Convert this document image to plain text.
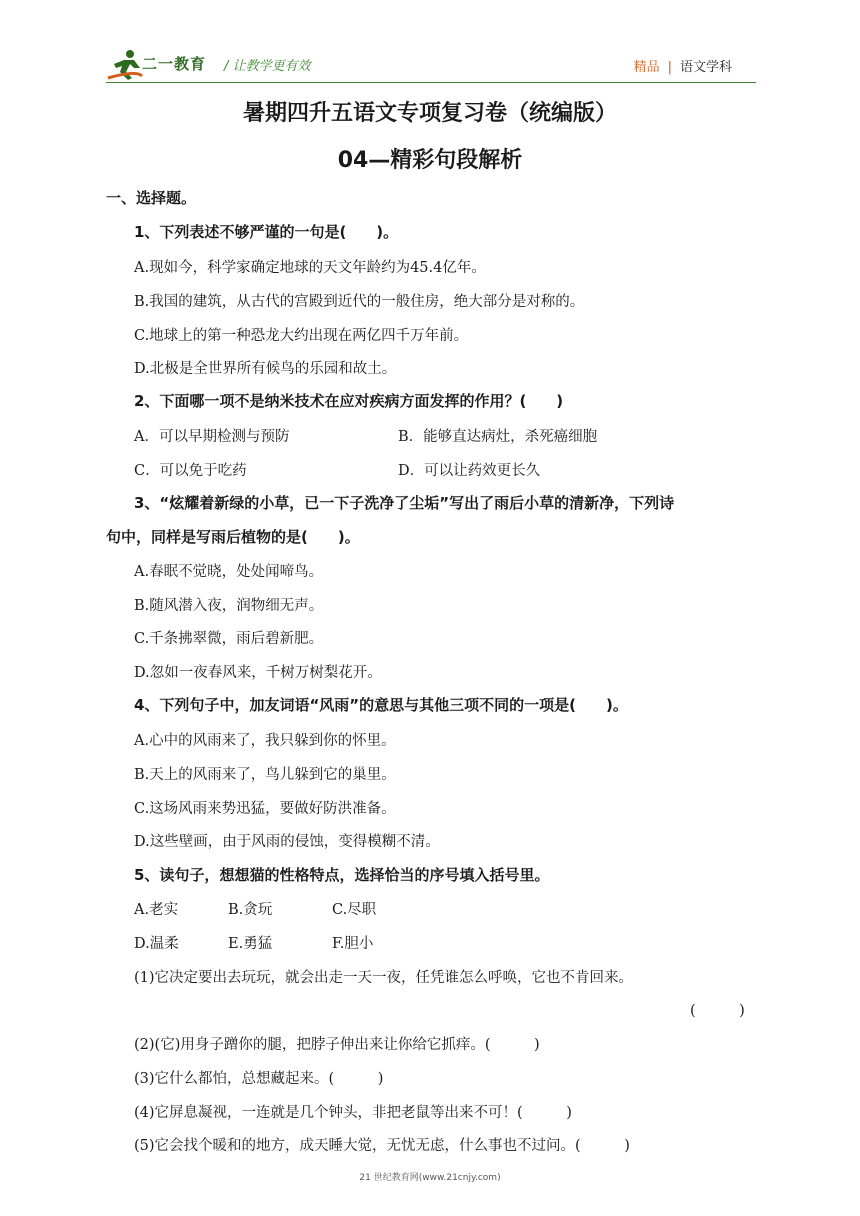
二一教育 / 让教学更有效	精品 | 语文学科
暑期四升五语文专项复习卷（统编版）
04—精彩句段解析
一、选择题。
1、下列表述不够严谨的一句是(　　)。
A.现如今，科学家确定地球的天文年龄约为45.4亿年。
B.我国的建筑，从古代的宫殿到近代的一般住房，绝大部分是对称的。
C.地球上的第一种恐龙大约出现在两亿四千万年前。
D.北极是全世界所有候鸟的乐园和故土。
2、下面哪一项不是纳米技术在应对疾病方面发挥的作用？(　　)
A．可以早期检测与预防	B．能够直达病灶，杀死癌细胞
C．可以免于吃药	D．可以让药效更长久
3、“炫耀着新绿的小草，已一下子洗净了尘垢”写出了雨后小草的清新净，下列诗
句中，同样是写雨后植物的是(　　)。
A.春眠不觉晓，处处闻啼鸟。
B.随风潜入夜，润物细无声。
C.千条拂翠微，雨后碧新肥。
D.忽如一夜春风来，千树万树梨花开。
4、下列句子中，加友词语“风雨”的意思与其他三项不同的一项是(　　)。
A.心中的风雨来了，我只躲到你的怀里。
B.天上的风雨来了，鸟儿躲到它的巢里。
C.这场风雨来势迅猛，要做好防洪准备。
D.这些壁画，由于风雨的侵蚀，变得模糊不清。
5、读句子，想想猫的性格特点，选择恰当的序号填入括号里。
A.老实	B.贪玩	C.尽职
D.温柔	E.勇猛	F.胆小
(1)它决定要出去玩玩，就会出走一天一夜，任凭谁怎么呼唤，它也不肯回来。
(　　　)
(2)(它)用身子蹭你的腿，把脖子伸出来让你给它抓痒。(　　　)
(3)它什么都怕，总想藏起来。(　　　)
(4)它屏息凝视，一连就是几个钟头，非把老鼠等出来不可！(　　　)
(5)它会找个暖和的地方，成天睡大觉，无忧无虑，什么事也不过问。(　　　)
21 世纪教育网(www.21cnjy.com)
